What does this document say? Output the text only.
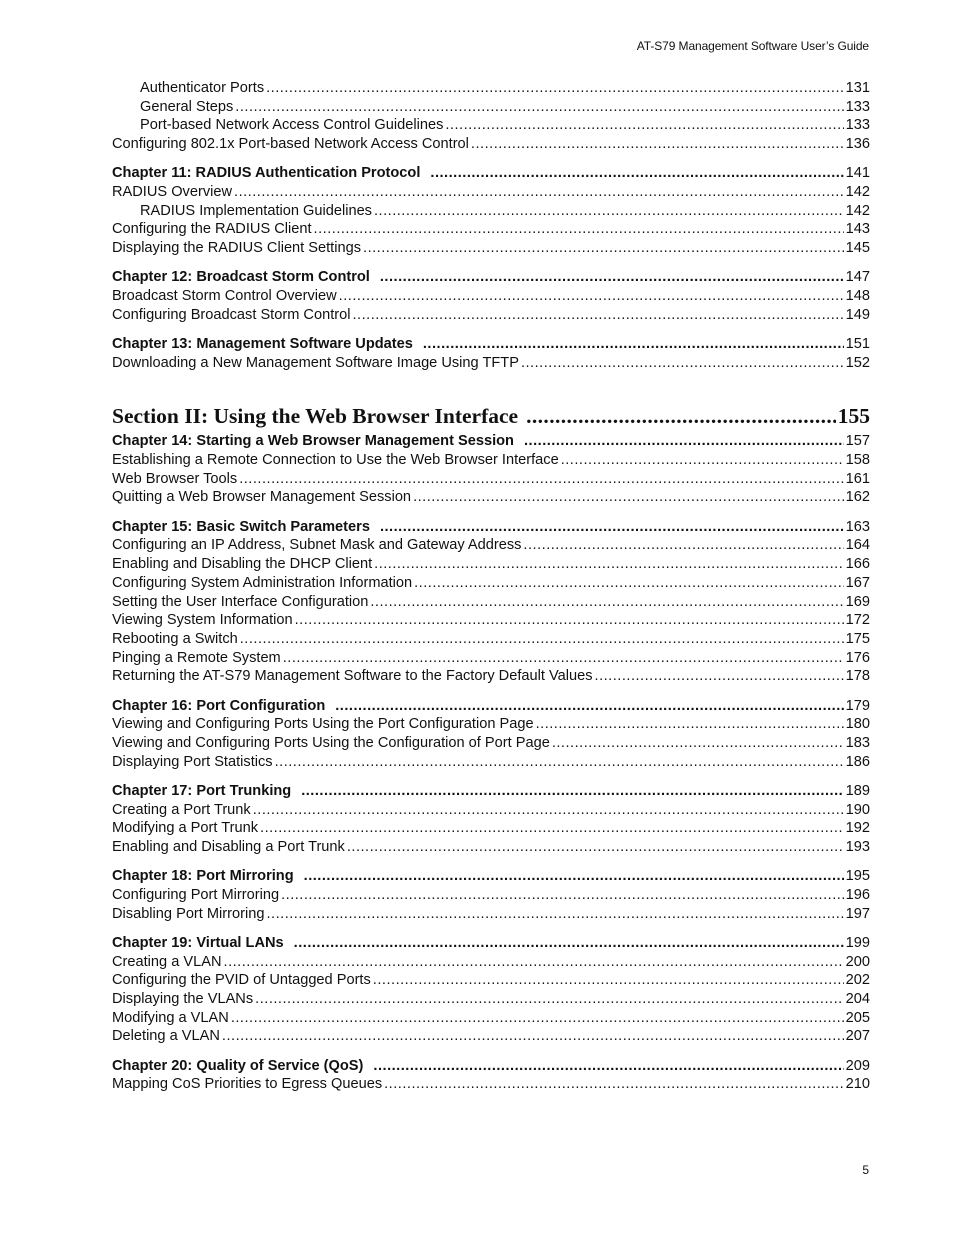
AT-S79 Management Software User’s Guide
Authenticator Ports .....	131
General Steps .....	133
Port-based Network Access Control Guidelines .....	133
Configuring 802.1x Port-based Network Access Control .....	136
Chapter 11: RADIUS Authentication Protocol .....	141
RADIUS Overview .....	142
RADIUS Implementation Guidelines .....	142
Configuring the RADIUS Client .....	143
Displaying the RADIUS Client Settings .....	145
Chapter 12: Broadcast Storm Control .....	147
Broadcast Storm Control Overview .....	148
Configuring Broadcast Storm Control .....	149
Chapter 13: Management Software Updates .....	151
Downloading a New Management Software Image Using TFTP .....	152
Section II: Using the Web Browser Interface .....	155
Chapter 14: Starting a Web Browser Management Session .....	157
Establishing a Remote Connection to Use the Web Browser Interface .....	158
Web Browser Tools .....	161
Quitting a Web Browser Management Session .....	162
Chapter 15: Basic Switch Parameters .....	163
Configuring an IP Address, Subnet Mask and Gateway Address .....	164
Enabling and Disabling the DHCP Client .....	166
Configuring System Administration Information .....	167
Setting the User Interface Configuration .....	169
Viewing System Information .....	172
Rebooting a Switch .....	175
Pinging a Remote System .....	176
Returning the AT-S79 Management Software to the Factory Default Values .....	178
Chapter 16: Port Configuration .....	179
Viewing and Configuring Ports Using the Port Configuration Page .....	180
Viewing and Configuring Ports Using the Configuration of Port Page .....	183
Displaying Port Statistics .....	186
Chapter 17: Port Trunking .....	189
Creating a Port Trunk .....	190
Modifying a Port Trunk .....	192
Enabling and Disabling a Port Trunk .....	193
Chapter 18: Port Mirroring .....	195
Configuring Port Mirroring .....	196
Disabling Port Mirroring .....	197
Chapter 19: Virtual LANs .....	199
Creating a VLAN .....	200
Configuring the PVID of Untagged Ports .....	202
Displaying the VLANs .....	204
Modifying a VLAN .....	205
Deleting a VLAN .....	207
Chapter 20: Quality of Service (QoS) .....	209
Mapping CoS Priorities to Egress Queues .....	210
5
